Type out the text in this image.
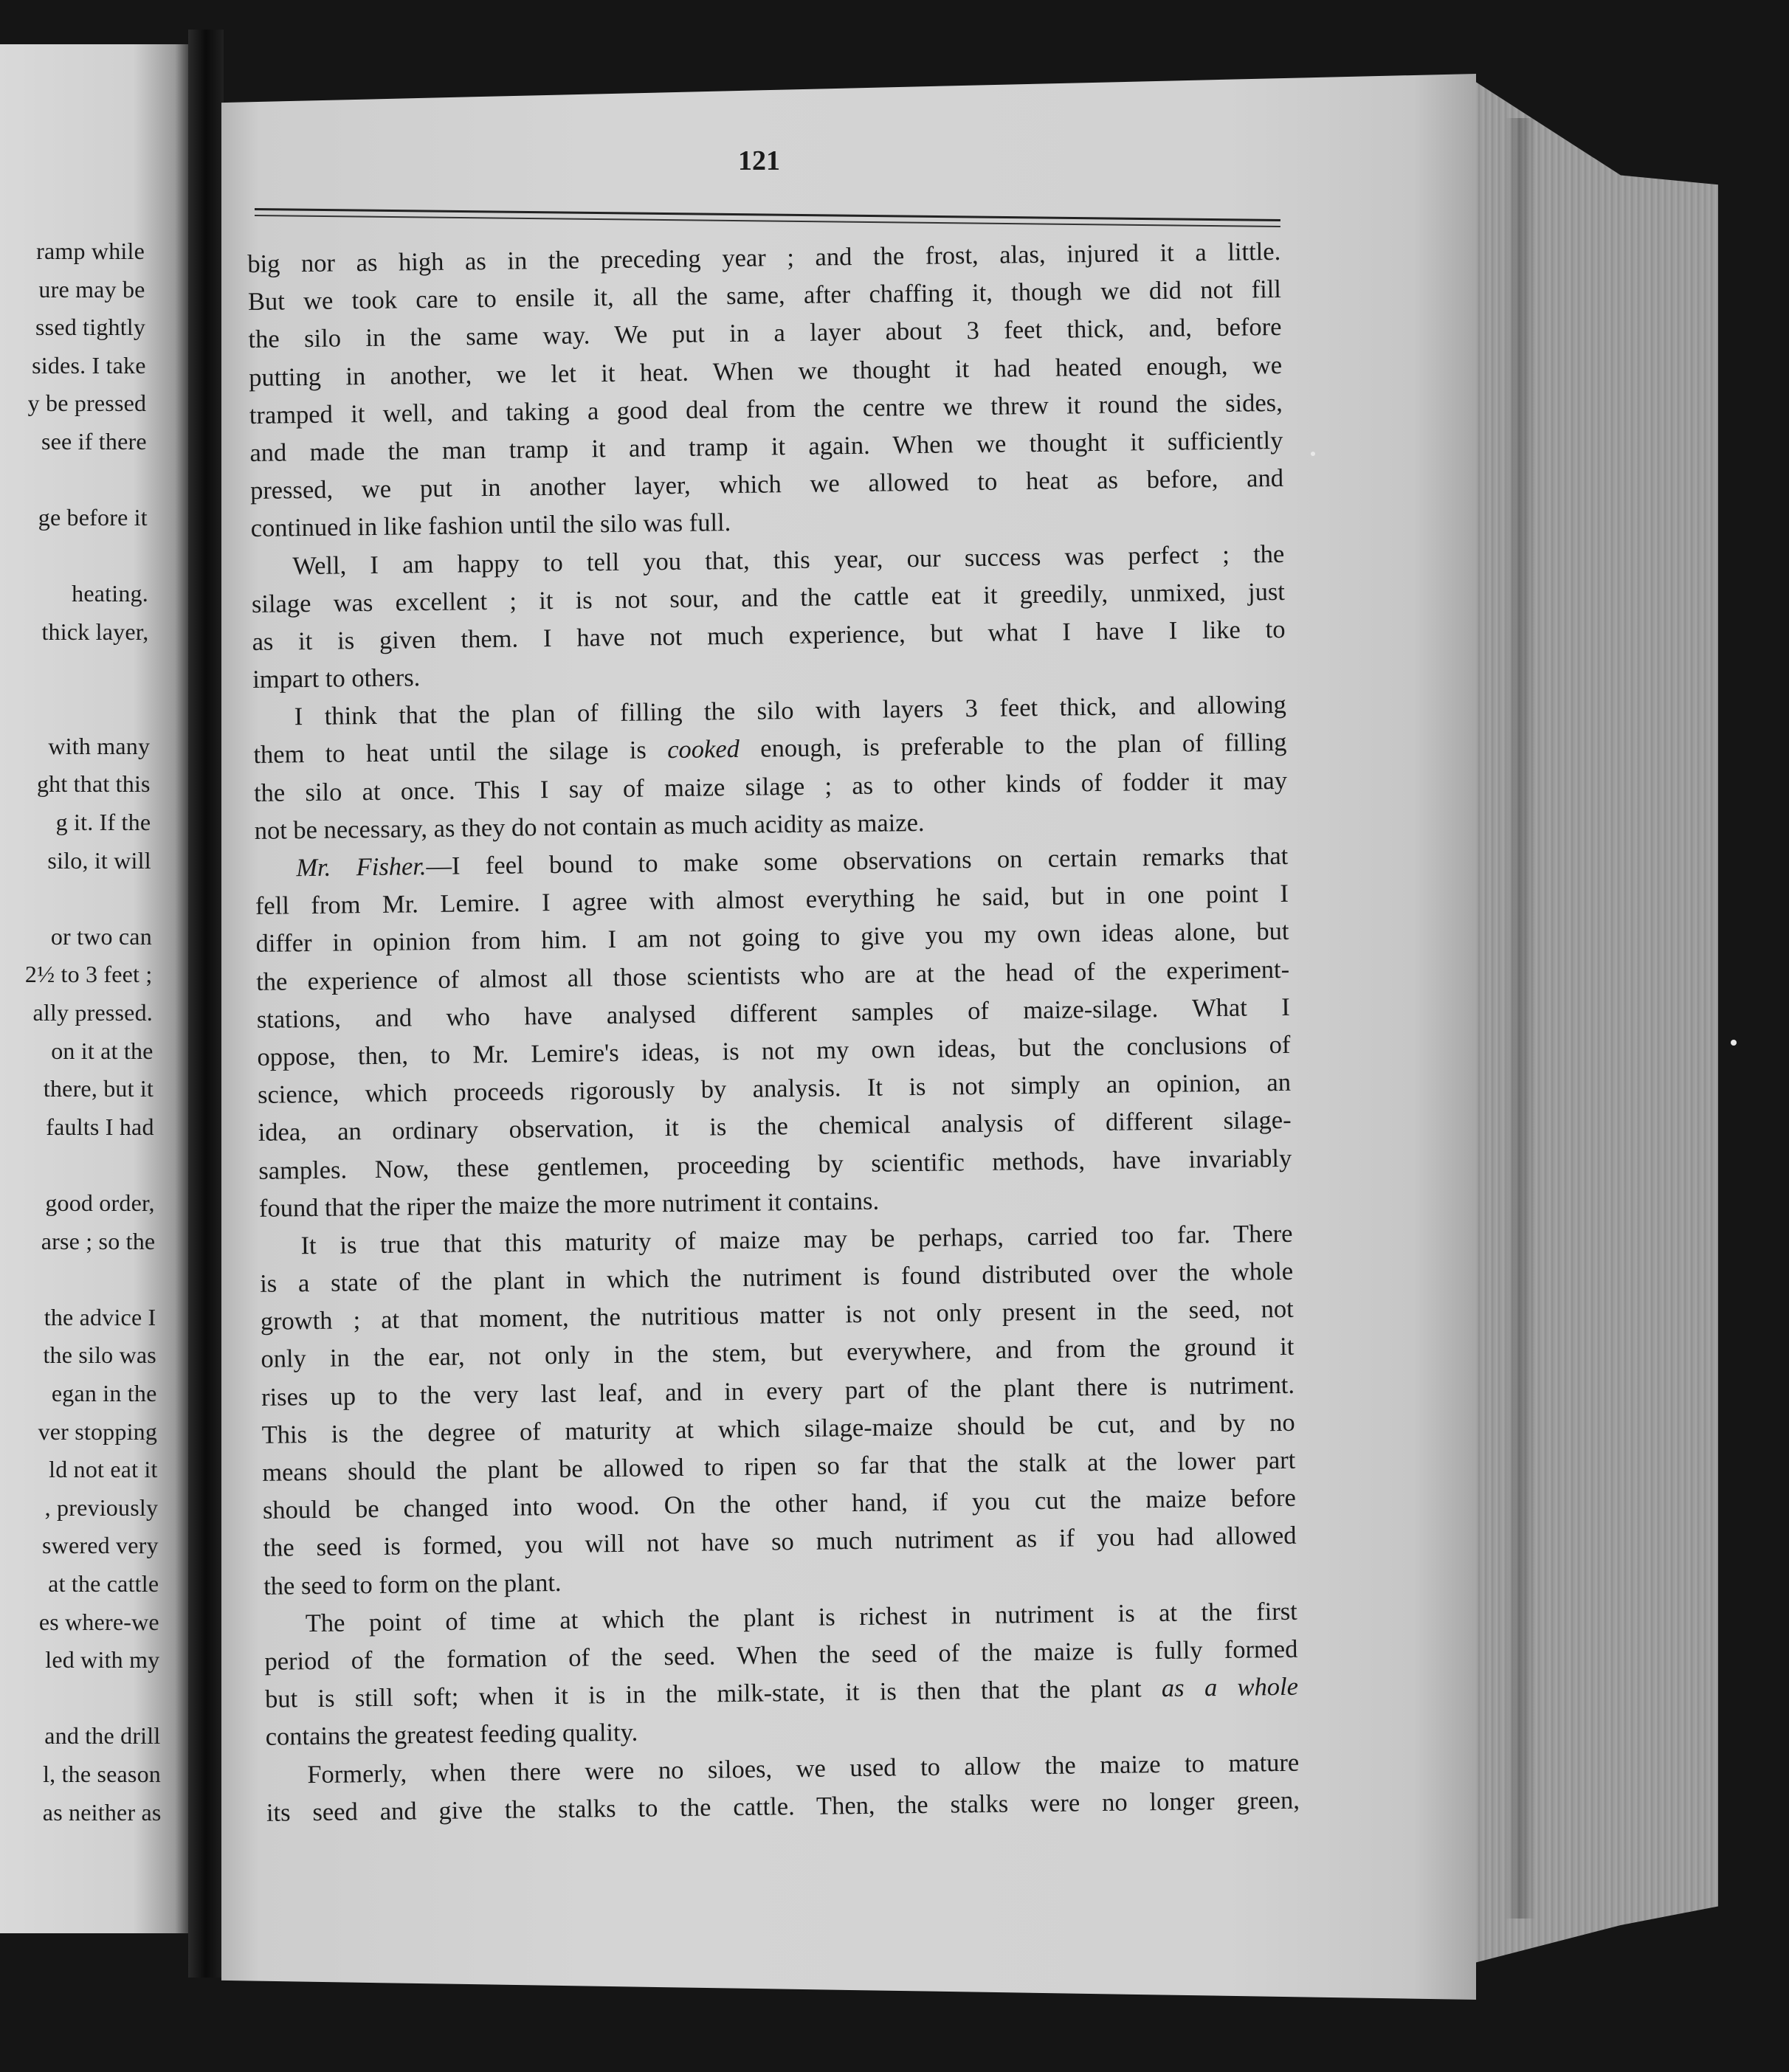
ramp while
ure may be
ssed tightly
sides. I take
y be pressed
see if there
ge before it
heating.
thick layer,
with many
ght that this
g it. If the
silo, it will
or two can
2½ to 3 feet ;
ally pressed.
on it at the
there, but it
faults I had
good order,
arse ; so the
the advice I
the silo was
egan in the
ver stopping
ld not eat it
, previously
swered very
at the cattle
es where-we
led with my
and the drill
l, the season
as neither as
121
big nor as high as in the preceding year ; and the frost, alas, injured it a little.
But we took care to ensile it, all the same, after chaffing it, though we did not fill
the silo in the same way. We put in a layer about 3 feet thick, and, before
putting in another, we let it heat. When we thought it had heated enough, we
tramped it well, and taking a good deal from the centre we threw it round the sides,
and made the man tramp it and tramp it again. When we thought it sufficiently
pressed, we put in another layer, which we allowed to heat as before, and
continued in like fashion until the silo was full.
Well, I am happy to tell you that, this year, our success was perfect ; the
silage was excellent ; it is not sour, and the cattle eat it greedily, unmixed, just
as it is given them. I have not much experience, but what I have I like to
impart to others.
I think that the plan of filling the silo with layers 3 feet thick, and allowing
them to heat until the silage is cooked enough, is preferable to the plan of filling
the silo at once. This I say of maize silage ; as to other kinds of fodder it may
not be necessary, as they do not contain as much acidity as maize.
Mr. Fisher.—I feel bound to make some observations on certain remarks that
fell from Mr. Lemire. I agree with almost everything he said, but in one point I
differ in opinion from him. I am not going to give you my own ideas alone, but
the experience of almost all those scientists who are at the head of the experiment-
stations, and who have analysed different samples of maize-silage. What I
oppose, then, to Mr. Lemire's ideas, is not my own ideas, but the conclusions of
science, which proceeds rigorously by analysis. It is not simply an opinion, an
idea, an ordinary observation, it is the chemical analysis of different silage-
samples. Now, these gentlemen, proceeding by scientific methods, have invariably
found that the riper the maize the more nutriment it contains.
It is true that this maturity of maize may be perhaps, carried too far. There
is a state of the plant in which the nutriment is found distributed over the whole
growth ; at that moment, the nutritious matter is not only present in the seed, not
only in the ear, not only in the stem, but everywhere, and from the ground it
rises up to the very last leaf, and in every part of the plant there is nutriment.
This is the degree of maturity at which silage-maize should be cut, and by no
means should the plant be allowed to ripen so far that the stalk at the lower part
should be changed into wood. On the other hand, if you cut the maize before
the seed is formed, you will not have so much nutriment as if you had allowed
the seed to form on the plant.
The point of time at which the plant is richest in nutriment is at the first
period of the formation of the seed. When the seed of the maize is fully formed
but is still soft; when it is in the milk-state, it is then that the plant as a whole
contains the greatest feeding quality.
Formerly, when there were no siloes, we used to allow the maize to mature
its seed and give the stalks to the cattle. Then, the stalks were no longer green,
